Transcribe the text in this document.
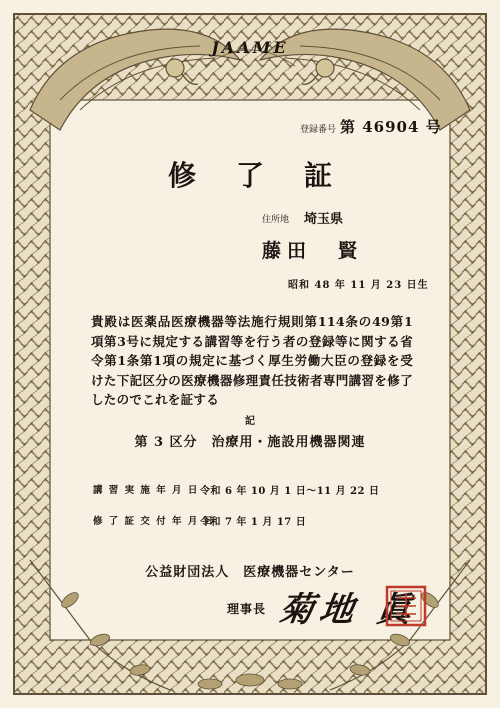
JAAME
登録番号 第 46904 号
修了証
住所地 埼玉県
藤田 賢
昭和 48 年 11 月 23 日生
貴殿は医薬品医療機器等法施行規則第114条の49第1項第3号に規定する講習等を行う者の登録等に関する省令第1条第1項の規定に基づく厚生労働大臣の登録を受けた下記区分の医療機器修理責任技術者専門講習を修了したのでこれを証する
記
第 3 区分　治療用・施設用機器関連
講 習 実 施 年 月 日 令和 6 年 10 月 1 日～11 月 22 日
修 了 証 交 付 年 月 日
令和 7 年 1 月 17 日
公益財団法人　医療機器センター
理事長 菊地 眞
